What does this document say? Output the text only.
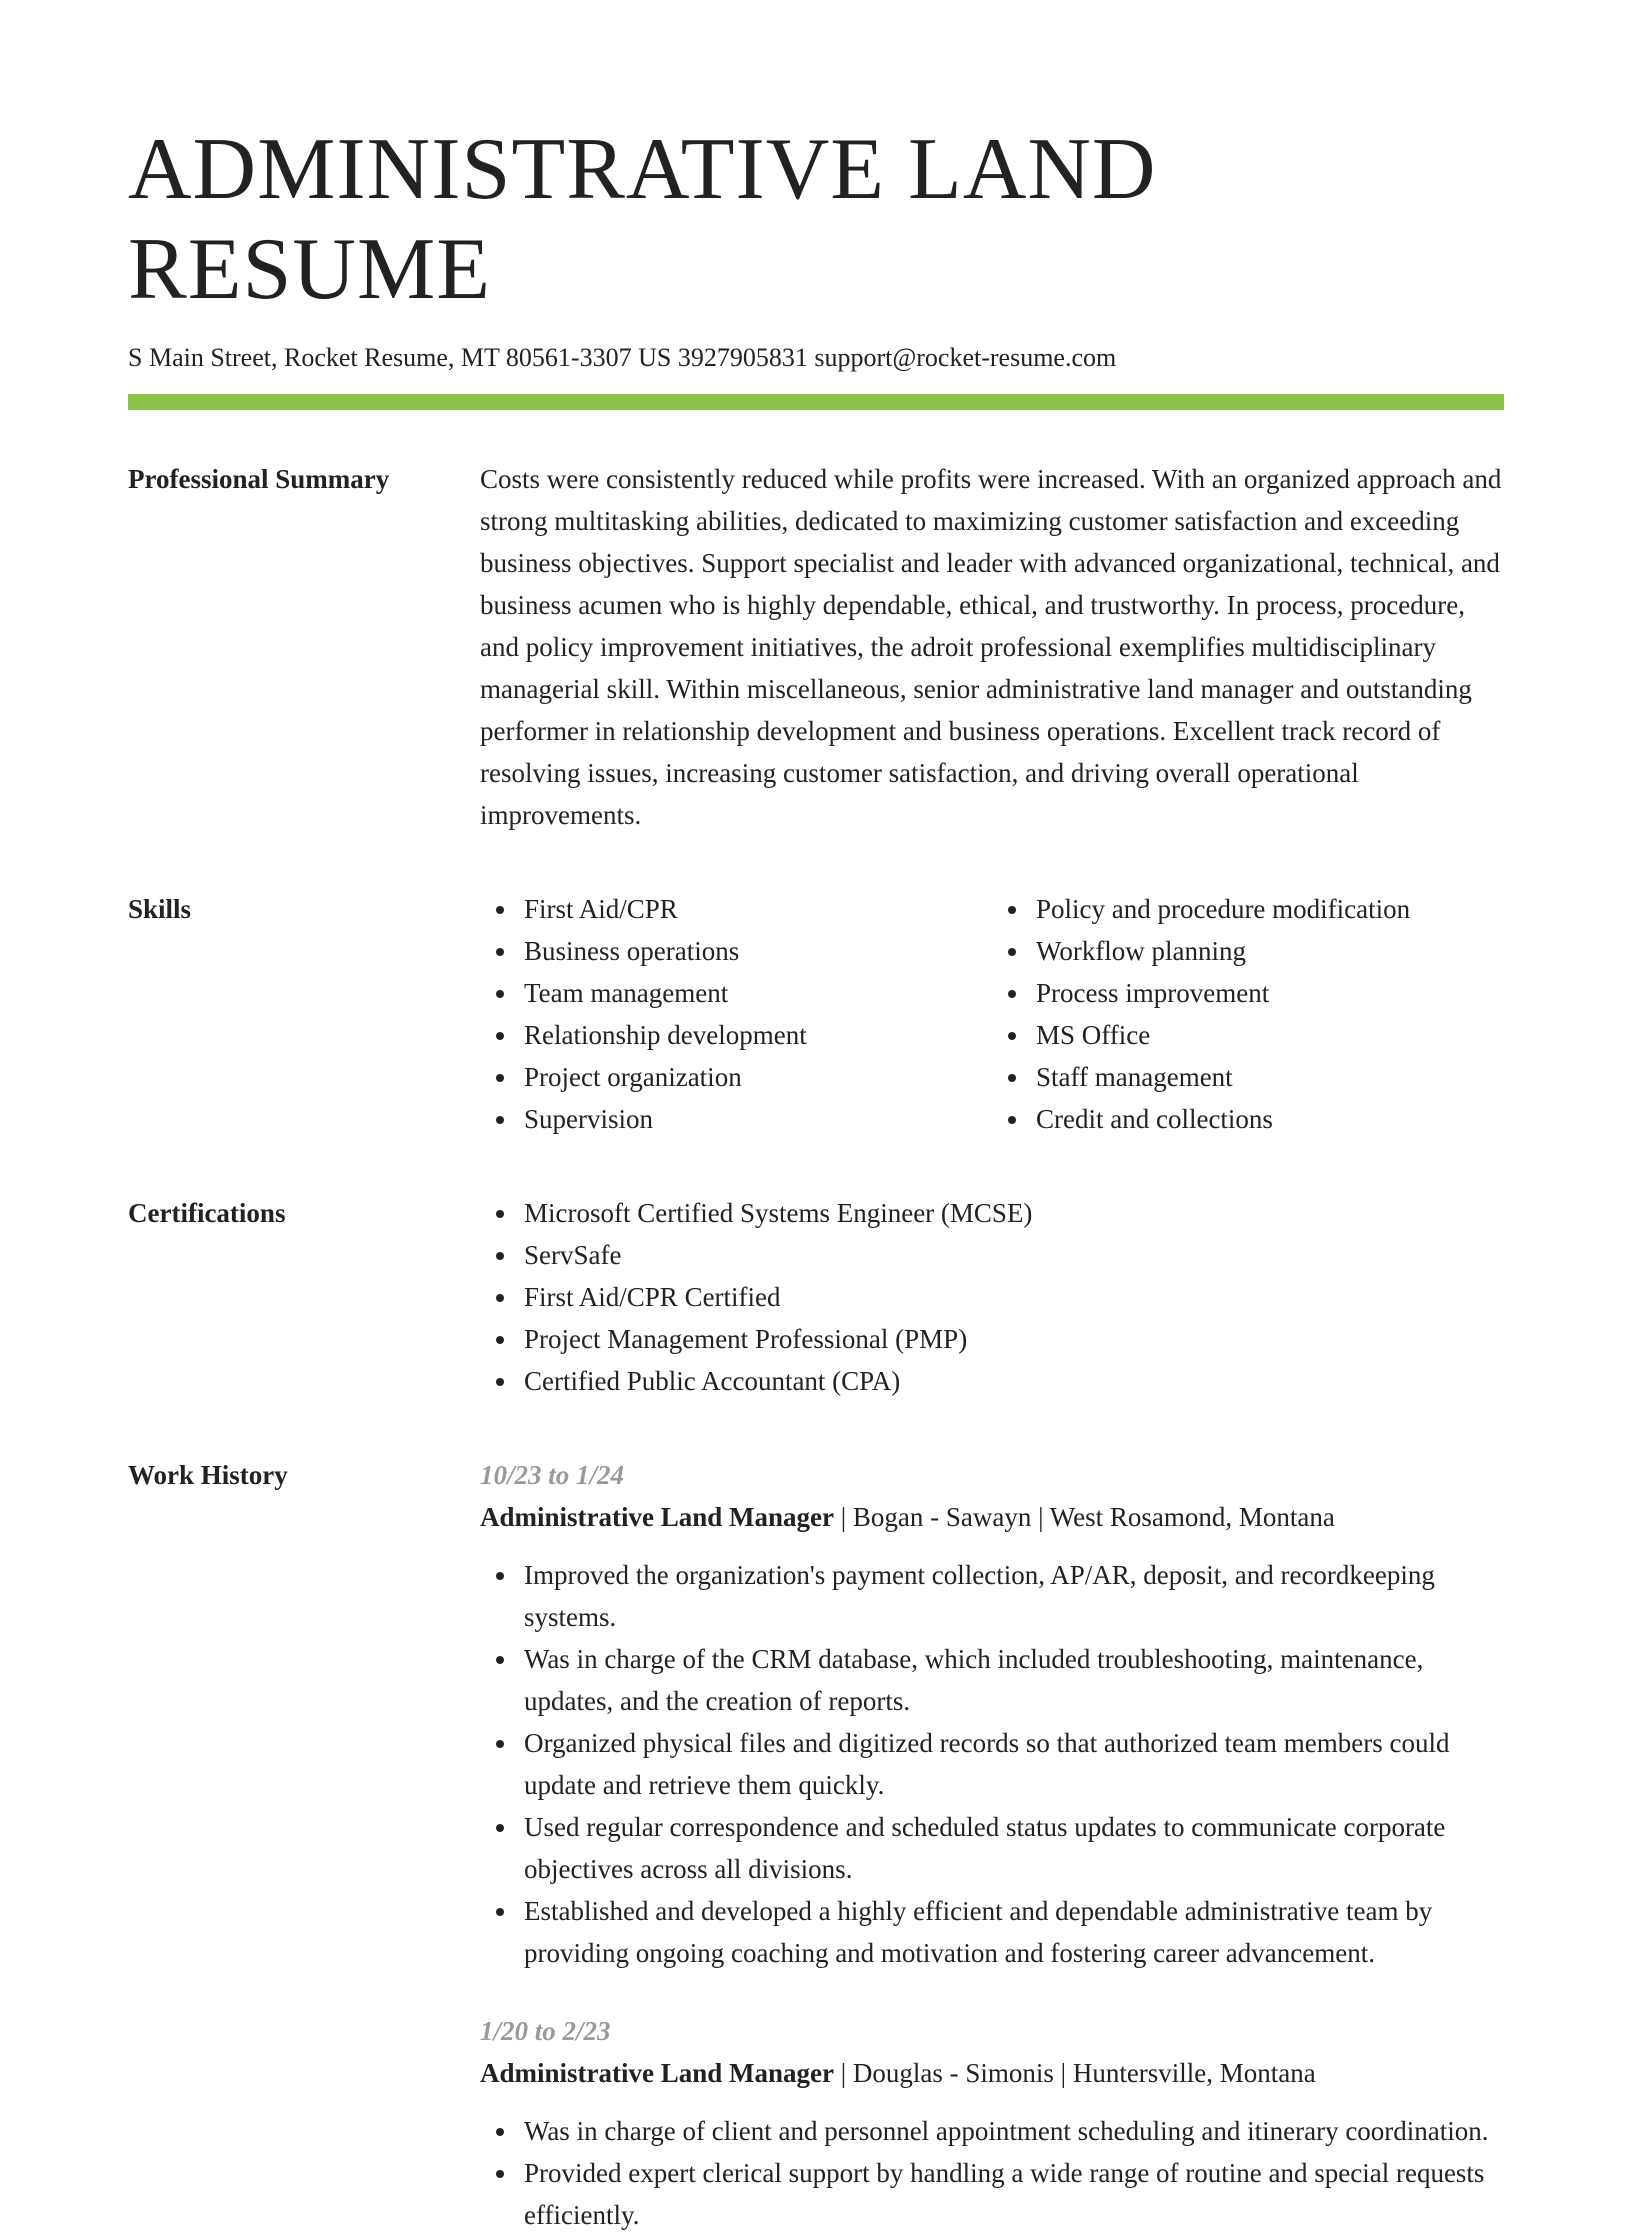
ADMINISTRATIVE LAND RESUME
S Main Street, Rocket Resume, MT 80561-3307 US 3927905831 support@rocket-resume.com
Professional Summary	Costs were consistently reduced while profits were increased. With an organized approach and strong multitasking abilities, dedicated to maximizing customer satisfaction and exceeding business objectives. Support specialist and leader with advanced organizational, technical, and business acumen who is highly dependable, ethical, and trustworthy. In process, procedure, and policy improvement initiatives, the adroit professional exemplifies multidisciplinary managerial skill. Within miscellaneous, senior administrative land manager and outstanding performer in relationship development and business operations. Excellent track record of resolving issues, increasing customer satisfaction, and driving overall operational improvements.

Skills	First Aid/CPR
Business operations
Team management
Relationship development
Project organization
Supervision
Policy and procedure modification
Workflow planning
Process improvement
MS Office
Staff management
Credit and collections
Certifications	Microsoft Certified Systems Engineer (MCSE)
ServSafe
First Aid/CPR Certified
Project Management Professional (PMP)
Certified Public Accountant (CPA)
Work History	10/23 to 1/24
Administrative Land Manager | Bogan - Sawayn | West Rosamond, Montana
Improved the organization's payment collection, AP/AR, deposit, and recordkeeping systems.
Was in charge of the CRM database, which included troubleshooting, maintenance, updates, and the creation of reports.
Organized physical files and digitized records so that authorized team members could update and retrieve them quickly.
Used regular correspondence and scheduled status updates to communicate corporate objectives across all divisions.
Established and developed a highly efficient and dependable administrative team by providing ongoing coaching and motivation and fostering career advancement.
1/20 to 2/23
Administrative Land Manager | Douglas - Simonis | Huntersville, Montana
Was in charge of client and personnel appointment scheduling and itinerary coordination.
Provided expert clerical support by handling a wide range of routine and special requests efficiently.
